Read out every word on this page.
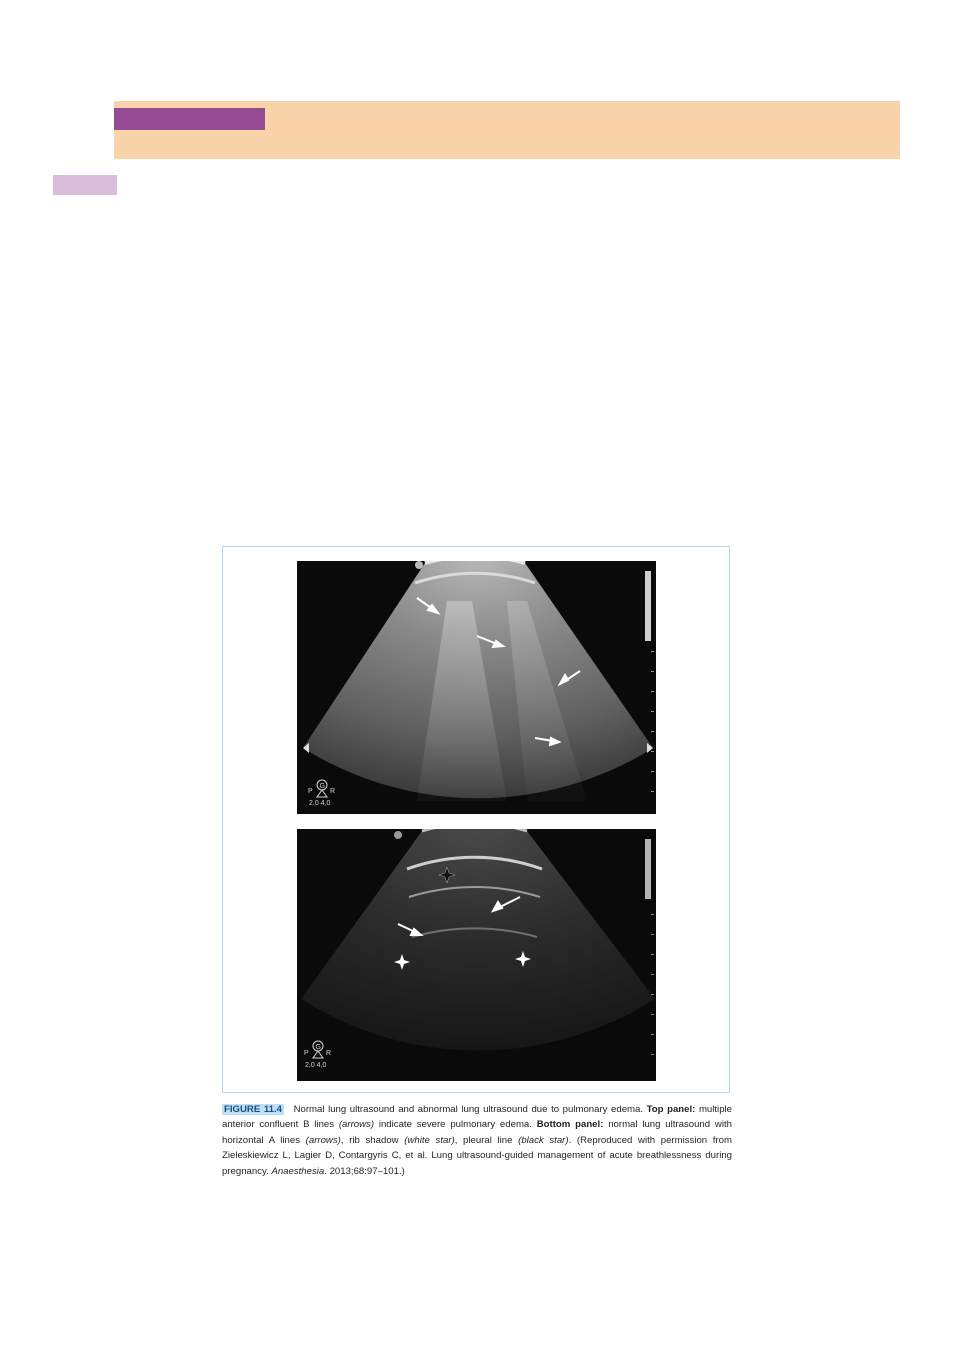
G
P R
2,0 4,0
G
P R
2,0 4,0
FIGURE 11.4 Normal lung ultrasound and abnormal lung ultrasound due to pulmonary edema. Top panel: multiple anterior confluent B lines (arrows) indicate severe pulmonary edema. Bottom panel: normal lung ultrasound with horizontal A lines (arrows), rib shadow (white star), pleural line (black star). (Reproduced with permission from Zieleskiewicz L, Lagier D, Contargyris C, et al. Lung ultrasound-guided management of acute breathlessness during pregnancy. Anaesthesia. 2013;68:97–101.)
